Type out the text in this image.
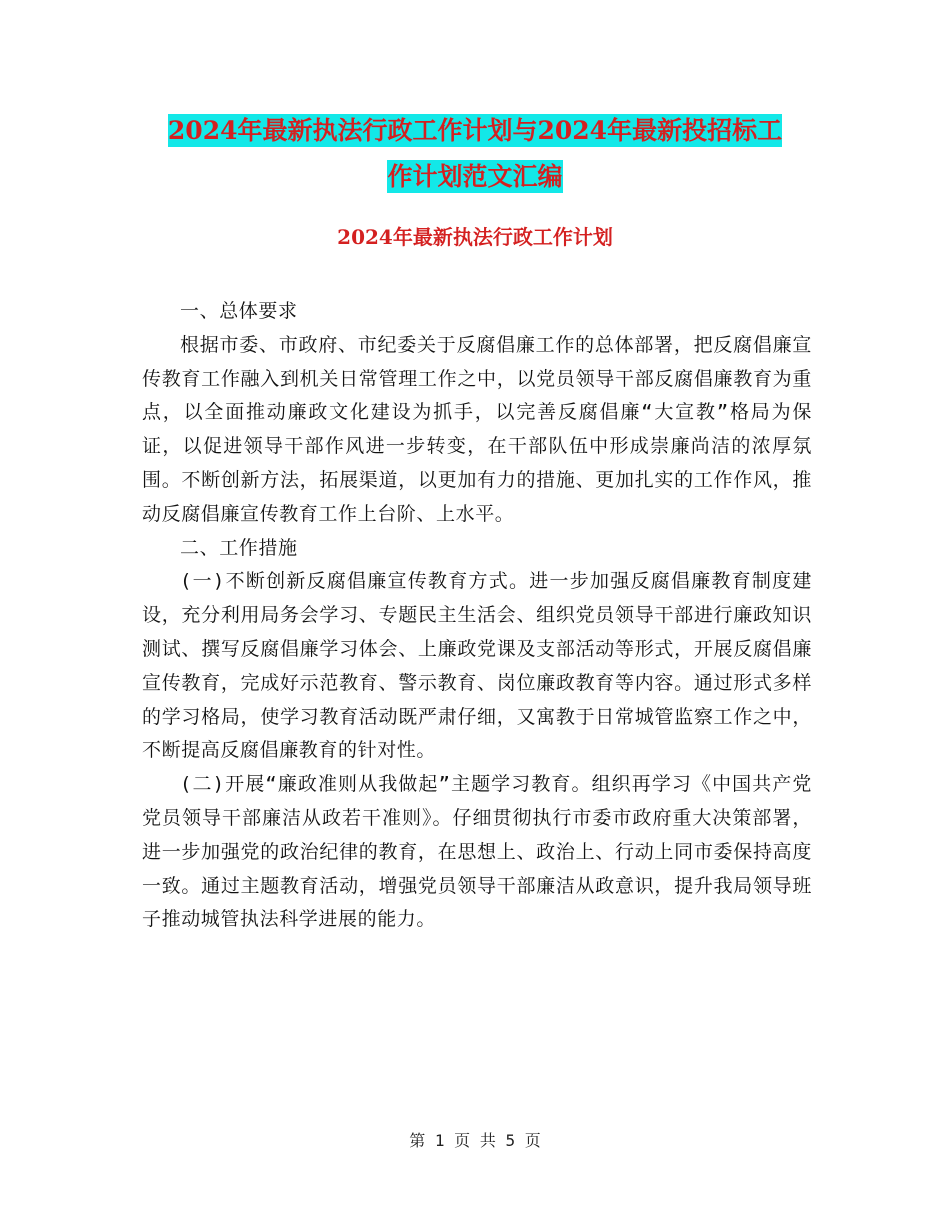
2024年最新执法行政工作计划与2024年最新投招标工
作计划范文汇编
2024年最新执法行政工作计划

一、总体要求

根据市委、市政府、市纪委关于反腐倡廉工作的总体部署，把反腐倡廉宣传教育工作融入到机关日常管理工作之中，以党员领导干部反腐倡廉教育为重点，以全面推动廉政文化建设为抓手，以完善反腐倡廉“大宣教”格局为保证，以促进领导干部作风进一步转变，在干部队伍中形成崇廉尚洁的浓厚氛围。不断创新方法，拓展渠道，以更加有力的措施、更加扎实的工作作风，推动反腐倡廉宣传教育工作上台阶、上水平。

二、工作措施

(一)不断创新反腐倡廉宣传教育方式。进一步加强反腐倡廉教育制度建设，充分利用局务会学习、专题民主生活会、组织党员领导干部进行廉政知识测试、撰写反腐倡廉学习体会、上廉政党课及支部活动等形式，开展反腐倡廉宣传教育，完成好示范教育、警示教育、岗位廉政教育等内容。通过形式多样的学习格局，使学习教育活动既严肃仔细，又寓教于日常城管监察工作之中，不断提高反腐倡廉教育的针对性。

(二)开展“廉政准则从我做起”主题学习教育。组织再学习《中国共产党党员领导干部廉洁从政若干准则》。仔细贯彻执行市委市政府重大决策部署，进一步加强党的政治纪律的教育，在思想上、政治上、行动上同市委保持高度一致。通过主题教育活动，增强党员领导干部廉洁从政意识，提升我局领导班子推动城管执法科学进展的能力。

第 1 页 共 5 页
